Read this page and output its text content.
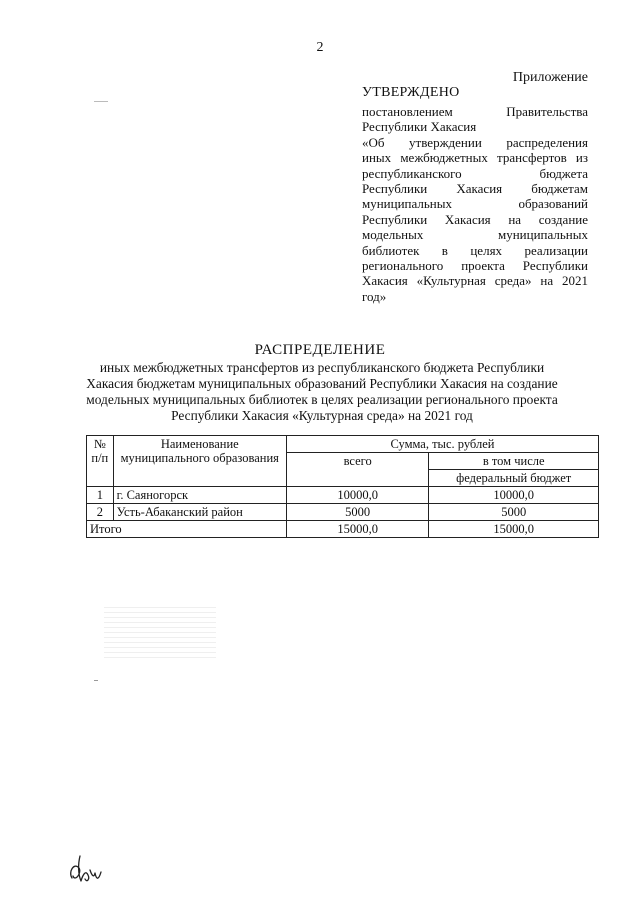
2
Приложение
УТВЕРЖДЕНО
постановлением Правительства
Республики Хакасия
«Об утверждении распределения
иных межбюджетных трансфертов из
республиканского бюджета
Республики Хакасия бюджетам
муниципальных образований
Республики Хакасия на создание
модельных муниципальных
библиотек в целях реализации
регионального проекта Республики
Хакасия «Культурная среда» на 2021
год»
РАСПРЕДЕЛЕНИЕ
иных межбюджетных трансфертов из республиканского бюджета Республики
Хакасия бюджетам муниципальных образований Республики Хакасия на создание
модельных муниципальных библиотек в целях реализации регионального проекта
Республики Хакасия «Культурная среда» на 2021 год
№ п/п	Наименование муниципального образования	Сумма, тыс. рублей	
		всего	в том числе
			федеральный бюджет
1	г. Саяногорск	10000,0	10000,0
2	Усть-Абаканский район	5000	5000
Итого		15000,0	15000,0
